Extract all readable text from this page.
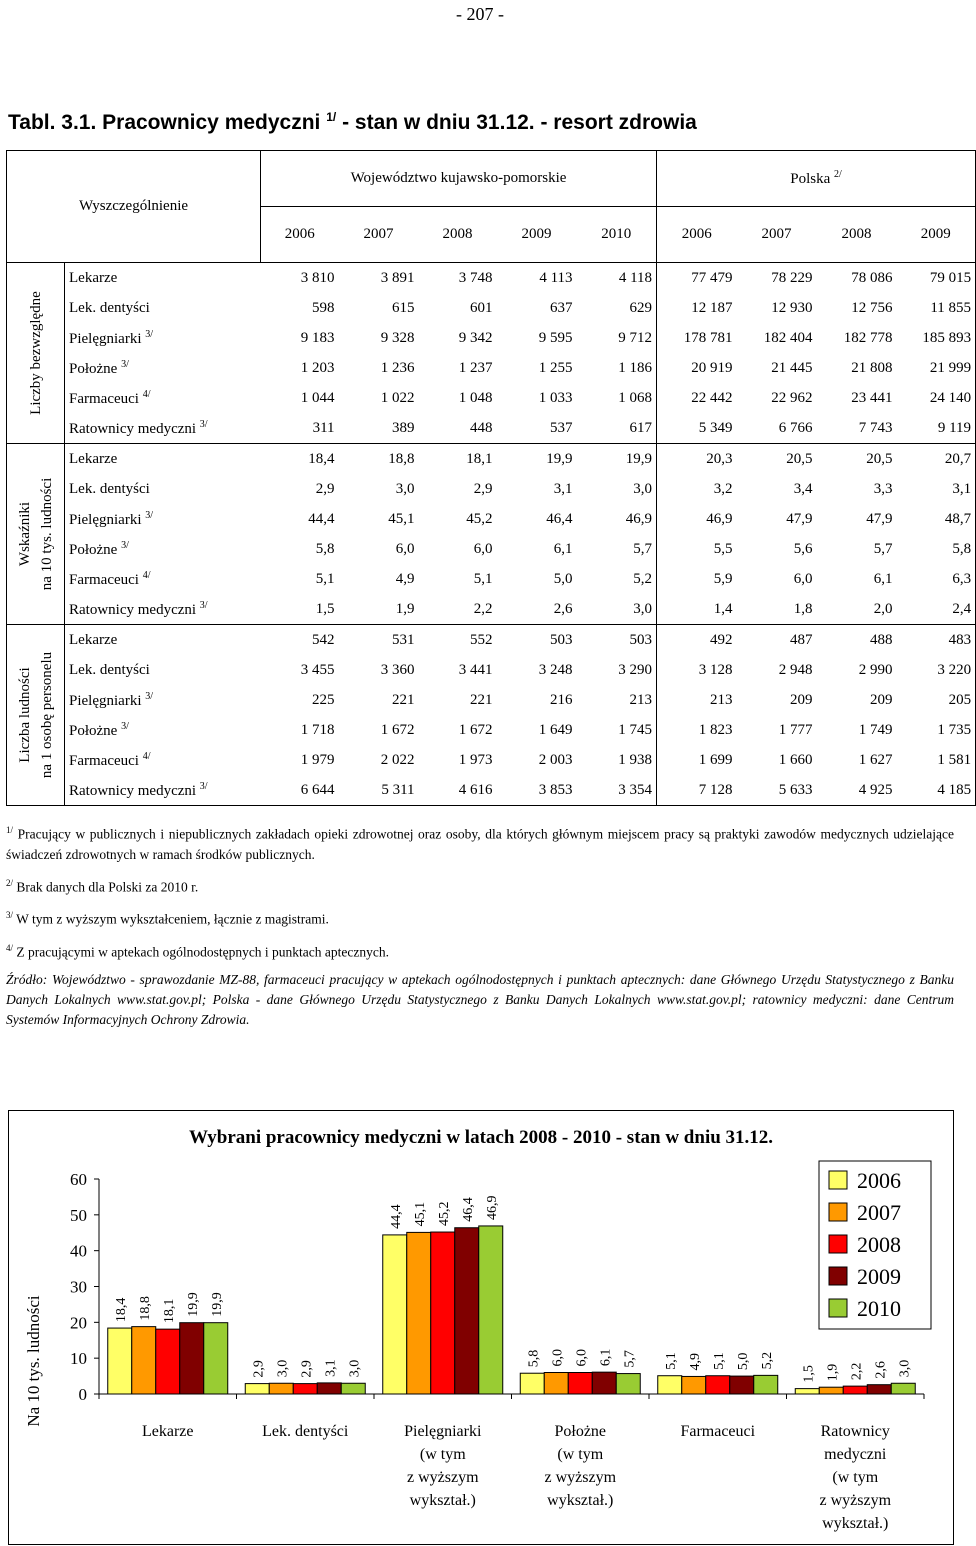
- 207 -
Tabl. 3.1. Pracownicy medyczni $^{1/}$ - stan w dniu 31.12. - resort zdrowia
Wyszczególnienie		Województwo kujawsko-pomorskie					Polska $^{2/}$
		2006	2007	2008	2009	2010	2006	2007	2008	2009

Liczby bezwzględne	Lekarze	3 810	3 891	3 748	4 113	4 118	77 479	78 229	78 086	79 015
	Lek. dentyści	598	615	601	637	629	12 187	12 930	12 756	11 855
	Pielęgniarki $^{3/}$	9 183	9 328	9 342	9 595	9 712	178 781	182 404	182 778	185 893
	Położne $^{3/}$	1 203	1 236	1 237	1 255	1 186	20 919	21 445	21 808	21 999
	Farmaceuci $^{4/}$	1 044	1 022	1 048	1 033	1 068	22 442	22 962	23 441	24 140
	Ratownicy medyczni $^{3/}$	311	389	448	537	617	5 349	6 766	7 743	9 119

Wskaźniki na 10 tys. ludności	Lekarze	18,4	18,8	18,1	19,9	19,9	20,3	20,5	20,5	20,7
	Lek. dentyści	2,9	3,0	2,9	3,1	3,0	3,2	3,4	3,3	3,1
	Pielęgniarki $^{3/}$	44,4	45,1	45,2	46,4	46,9	46,9	47,9	47,9	48,7
	Położne $^{3/}$	5,8	6,0	6,0	6,1	5,7	5,5	5,6	5,7	5,8
	Farmaceuci $^{4/}$	5,1	4,9	5,1	5,0	5,2	5,9	6,0	6,1	6,3
	Ratownicy medyczni $^{3/}$	1,5	1,9	2,2	2,6	3,0	1,4	1,8	2,0	2,4

Liczba ludności na 1 osobę personelu	Lekarze	542	531	552	503	503	492	487	488	483
	Lek. dentyści	3 455	3 360	3 441	3 248	3 290	3 128	2 948	2 990	3 220
	Pielęgniarki $^{3/}$	225	221	221	216	213	213	209	209	205
	Położne $^{3/}$	1 718	1 672	1 672	1 649	1 745	1 823	1 777	1 749	1 735
	Farmaceuci $^{4/}$	1 979	2 022	1 973	2 003	1 938	1 699	1 660	1 627	1 581
	Ratownicy medyczni $^{3/}$	6 644	5 311	4 616	3 853	3 354	7 128	5 633	4 925	4 185

$^{1/}$ Pracujący w publicznych i niepublicznych zakładach opieki zdrowotnej oraz osoby, dla których głównym miejscem pracy są praktyki zawodów medycznych udzielające świadczeń zdrowotnych w ramach środków publicznych.

$^{2/}$ Brak danych dla Polski za 2010 r.

$^{3/}$ W tym z wyższym wykształceniem, łącznie z magistrami.

$^{4/}$ Z pracującymi w aptekach ogólnodostępnych i punktach aptecznych.

Źródło: Województwo - sprawozdanie MZ-88, farmaceuci pracujący w aptekach ogólnodostępnych i punktach aptecznych: dane Głównego Urzędu Statystycznego z Banku Danych Lokalnych www.stat.gov.pl; Polska - dane Głównego Urzędu Statystycznego z Banku Danych Lokalnych www.stat.gov.pl; ratownicy medyczni: dane Centrum Systemów Informacyjnych Ochrony Zdrowia.

Wybrani pracownicy medyczni w latach 2008 - 2010 - stan w dniu 31.12.
Na 10 tys. ludności 0
10
20
30
40
50
60
18,4 18,8 18,1 19,9 19,9
Lekarze
2,9 3,0 2,9 3,1 3,0
Lek. dentyści
44,4 45,1 45,2 46,4 46,9
Pielęgniarki
(w tym
z wyższym
wykształ.)
5,8 6,0 6,0 6,1 5,7
Położne
(w tym
z wyższym
wykształ.)
5,1 4,9 5,1 5,0 5,2
Farmaceuci
1,5 1,9 2,2 2,6 3,0
Ratownicy
medyczni
(w tym
z wyższym
wykształ.)
2006
2007
2008
2009
2010
